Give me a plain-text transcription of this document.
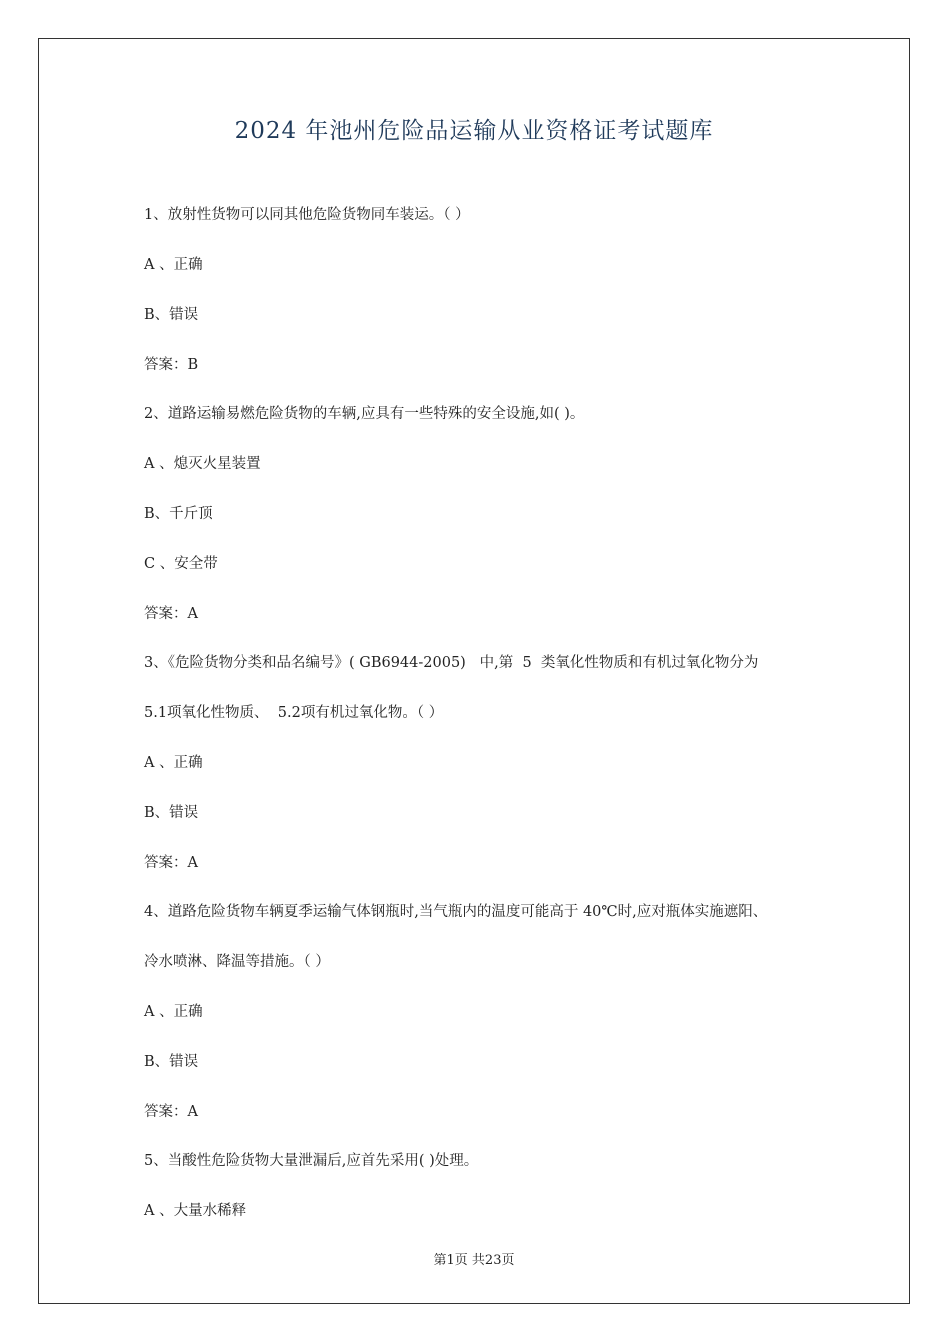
2024 年池州危险品运输从业资格证考试题库
1、放射性货物可以同其他危险货物同车装运。（ ）
A 、正确
B、错误
答案：B
2、道路运输易燃危险货物的车辆,应具有一些特殊的安全设施,如( )。
A 、熄灭火星装置
B、千斤顶
C 、安全带
答案：A
3、《危险货物分类和品名编号》( GB6944-2005)   中,第  5  类氧化性物质和有机过氧化物分为
5.1项氧化性物质、  5.2项有机过氧化物。（ ）
A 、正确
B、错误
答案：A
4、道路危险货物车辆夏季运输气体钢瓶时,当气瓶内的温度可能高于 40℃时,应对瓶体实施遮阳、
冷水喷淋、降温等措施。（ ）
A 、正确
B、错误
答案：A
5、当酸性危险货物大量泄漏后,应首先采用( )处理。
A 、大量水稀释
第1页 共23页
